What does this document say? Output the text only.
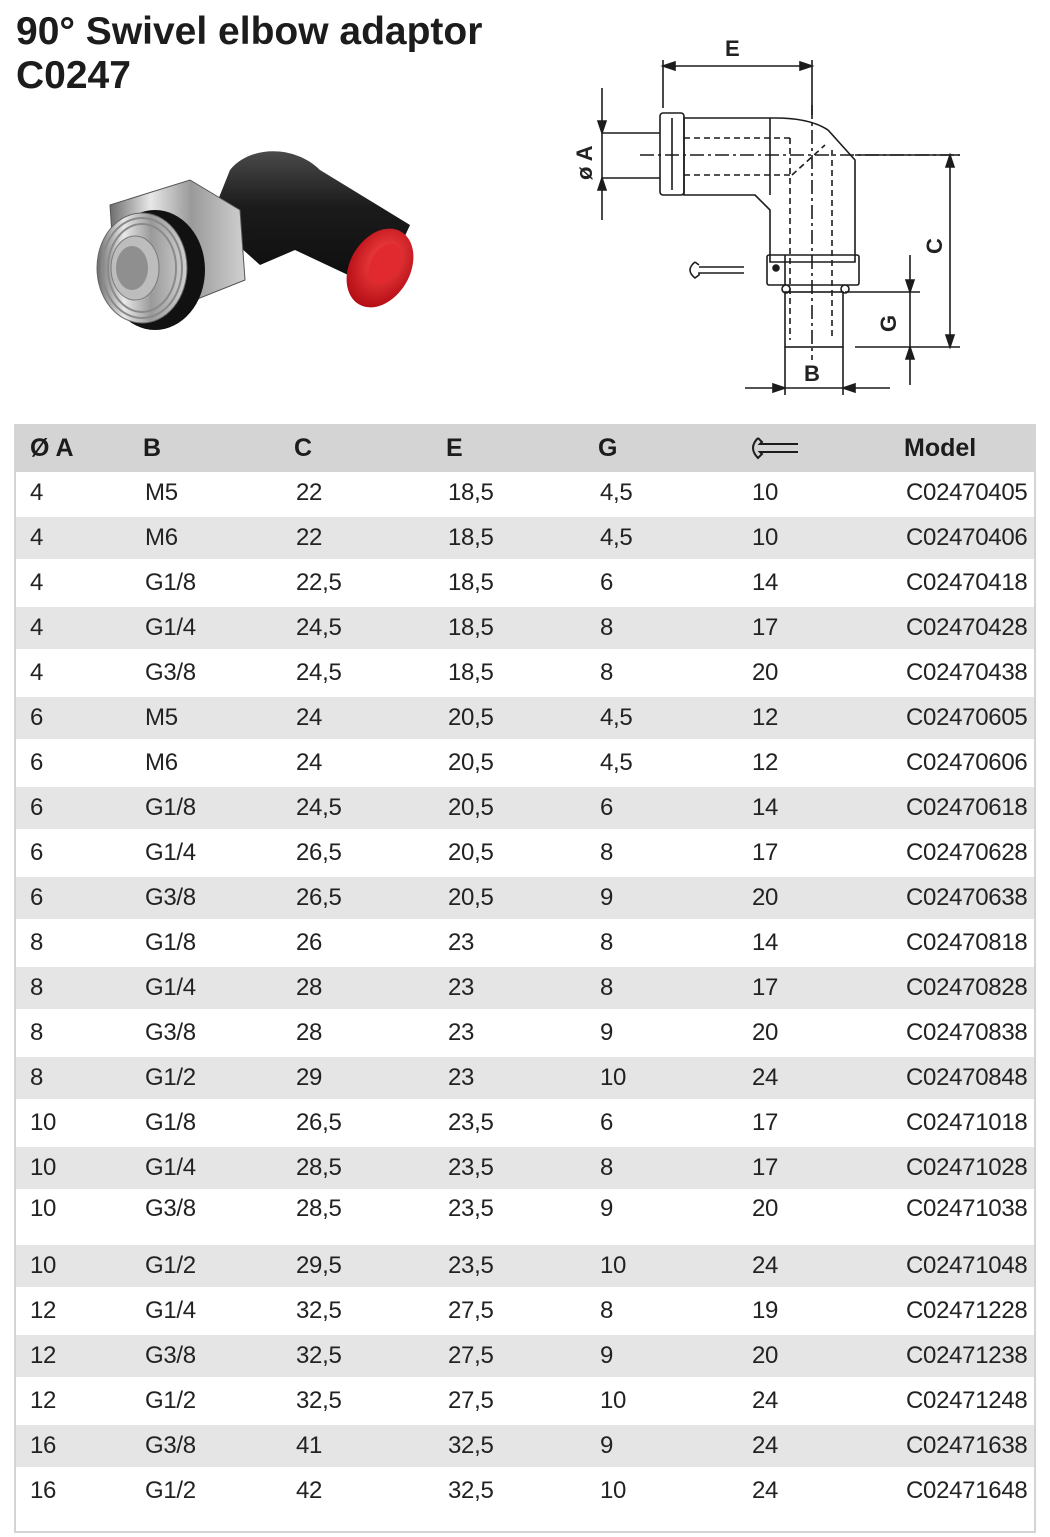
90° Swivel elbow adaptor
C0247
E
ø A
C
G
B
Ø A	B	C	E	G		Model
4	M5	22	18,5	4,5	10	C02470405
4	M6	22	18,5	4,5	10	C02470406
4	G1/8	22,5	18,5	6	14	C02470418
4	G1/4	24,5	18,5	8	17	C02470428
4	G3/8	24,5	18,5	8	20	C02470438
6	M5	24	20,5	4,5	12	C02470605
6	M6	24	20,5	4,5	12	C02470606
6	G1/8	24,5	20,5	6	14	C02470618
6	G1/4	26,5	20,5	8	17	C02470628
6	G3/8	26,5	20,5	9	20	C02470638
8	G1/8	26	23	8	14	C02470818
8	G1/4	28	23	8	17	C02470828
8	G3/8	28	23	9	20	C02470838
8	G1/2	29	23	10	24	C02470848
10	G1/8	26,5	23,5	6	17	C02471018
10	G1/4	28,5	23,5	8	17	C02471028
10	G3/8	28,5	23,5	9	20	C02471038
10	G1/2	29,5	23,5	10	24	C02471048
12	G1/4	32,5	27,5	8	19	C02471228
12	G3/8	32,5	27,5	9	20	C02471238
12	G1/2	32,5	27,5	10	24	C02471248
16	G3/8	41	32,5	9	24	C02471638
16	G1/2	42	32,5	10	24	C02471648
